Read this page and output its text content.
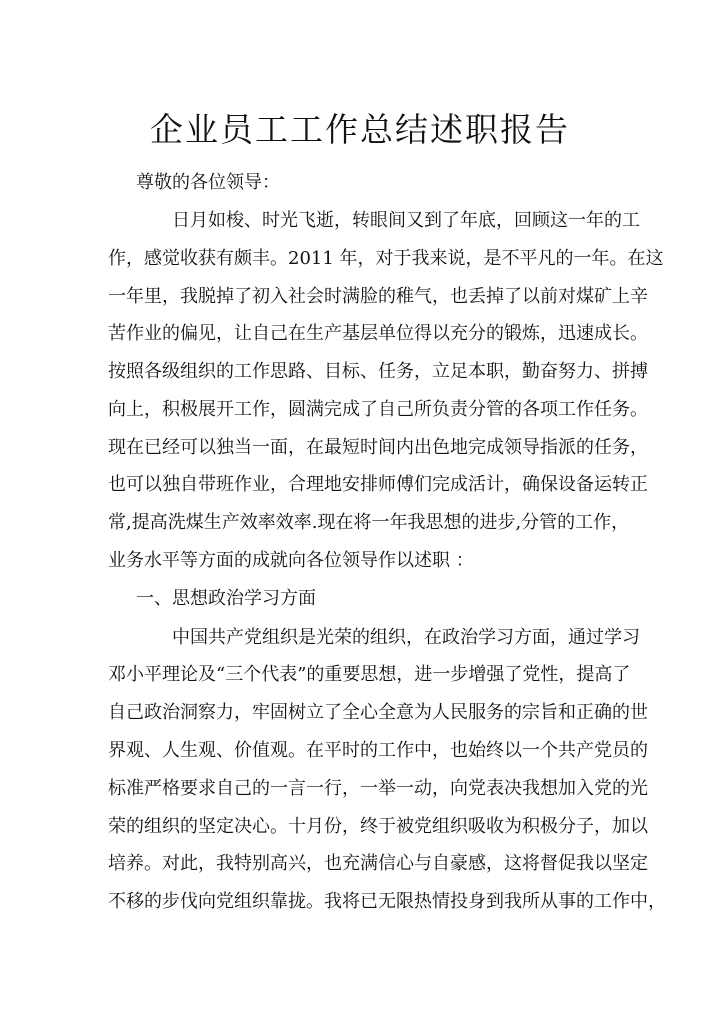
企业员工工作总结述职报告

尊敬的各位领导：

日月如梭、时光飞逝，转眼间又到了年底，回顾这一年的工

作，感觉收获有颇丰。2011 年，对于我来说，是不平凡的一年。在这

一年里，我脱掉了初入社会时满脸的稚气，也丢掉了以前对煤矿上辛

苦作业的偏见，让自己在生产基层单位得以充分的锻炼，迅速成长。

按照各级组织的工作思路、目标、任务，立足本职，勤奋努力、拼搏

向上，积极展开工作，圆满完成了自己所负责分管的各项工作任务。

现在已经可以独当一面，在最短时间内出色地完成领导指派的任务，

也可以独自带班作业，合理地安排师傅们完成活计，确保设备运转正

常,提高洗煤生产效率效率.现在将一年我思想的进步,分管的工作，

业务水平等方面的成就向各位领导作以述职 ：

一、思想政治学习方面

中国共产党组织是光荣的组织，在政治学习方面，通过学习

邓小平理论及“三个代表”的重要思想，进一步增强了党性，提高了

自己政治洞察力，牢固树立了全心全意为人民服务的宗旨和正确的世

界观、人生观、价值观。在平时的工作中，也始终以一个共产党员的

标准严格要求自己的一言一行，一举一动，向党表决我想加入党的光

荣的组织的坚定决心。十月份，终于被党组织吸收为积极分子，加以

培养。对此，我特别高兴，也充满信心与自豪感，这将督促我以坚定

不移的步伐向党组织靠拢。我将已无限热情投身到我所从事的工作中，
